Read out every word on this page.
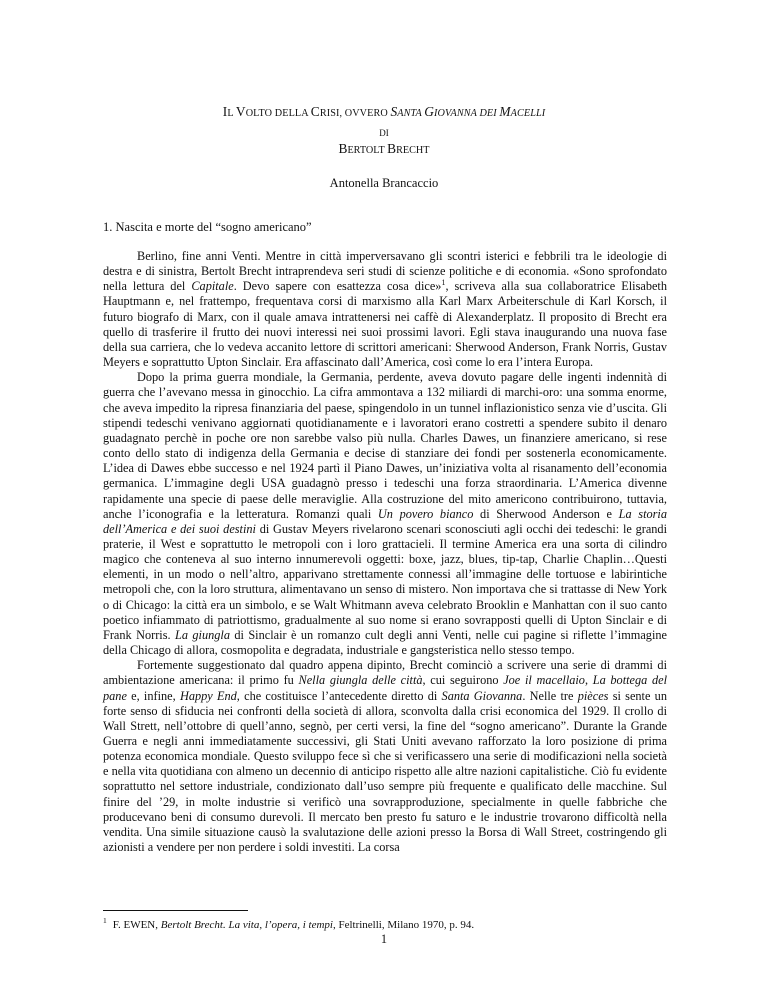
IL VOLTO DELLA CRISI, OVVERO SANTA GIOVANNA DEI MACELLI
DI
BERTOLT BRECHT
Antonella Brancaccio
1. Nascita e morte del “sogno americano”

Berlino, fine anni Venti. Mentre in città imperversavano gli scontri isterici e febbrili tra le ideologie di destra e di sinistra, Bertolt Brecht intraprendeva seri studi di scienze politiche e di economia. «Sono sprofondato nella lettura del Capitale. Devo sapere con esattezza cosa dice»$^1$, scriveva alla sua collaboratrice Elisabeth Hauptmann e, nel frattempo, frequentava corsi di marxismo alla Karl Marx Arbeiterschule di Karl Korsch, il futuro biografo di Marx, con il quale amava intrattenersi nei caffè di Alexanderplatz. Il proposito di Brecht era quello di trasferire il frutto dei nuovi interessi nei suoi prossimi lavori. Egli stava inaugurando una nuova fase della sua carriera, che lo vedeva accanito lettore di scrittori americani: Sherwood Anderson, Frank Norris, Gustav Meyers e soprattutto Upton Sinclair. Era affascinato dall’America, così come lo era l’intera Europa.

Dopo la prima guerra mondiale, la Germania, perdente, aveva dovuto pagare delle ingenti indennità di guerra che l’avevano messa in ginocchio. La cifra ammontava a 132 miliardi di marchi-oro: una somma enorme, che aveva impedito la ripresa finanziaria del paese, spingendolo in un tunnel inflazionistico senza vie d’uscita. Gli stipendi tedeschi venivano aggiornati quotidianamente e i lavoratori erano costretti a spendere subito il denaro guadagnato perchè in poche ore non sarebbe valso più nulla. Charles Dawes, un finanziere americano, si rese conto dello stato di indigenza della Germania e decise di stanziare dei fondi per sostenerla economicamente. L’idea di Dawes ebbe successo e nel 1924 partì il Piano Dawes, un’iniziativa volta al risanamento dell’economia germanica. L’immagine degli USA guadagnò presso i tedeschi una forza straordinaria. L’America divenne rapidamente una specie di paese delle meraviglie. Alla costruzione del mito americono contribuirono, tuttavia, anche l’iconografia e la letteratura. Romanzi quali Un povero bianco di Sherwood Anderson e La storia dell’America e dei suoi destini di Gustav Meyers rivelarono scenari sconosciuti agli occhi dei tedeschi: le grandi praterie, il West e soprattutto le metropoli con i loro grattacieli. Il termine America era una sorta di cilindro magico che conteneva al suo interno innumerevoli oggetti: boxe, jazz, blues, tip-tap, Charlie Chaplin…Questi elementi, in un modo o nell’altro, apparivano strettamente connessi all’immagine delle tortuose e labirintiche metropoli che, con la loro struttura, alimentavano un senso di mistero. Non importava che si trattasse di New York o di Chicago: la città era un simbolo, e se Walt Whitmann aveva celebrato Brooklin e Manhattan con il suo canto poetico infiammato di patriottismo, gradualmente al suo nome si erano sovrapposti quelli di Upton Sinclair e di Frank Norris. La giungla di Sinclair è un romanzo cult degli anni Venti, nelle cui pagine si riflette l’immagine della Chicago di allora, cosmopolita e degradata, industriale e gangsteristica nello stesso tempo.

Fortemente suggestionato dal quadro appena dipinto, Brecht cominciò a scrivere una serie di drammi di ambientazione americana: il primo fu Nella giungla delle città, cui seguirono Joe il macellaio, La bottega del pane e, infine, Happy End, che costituisce l’antecedente diretto di Santa Giovanna. Nelle tre pièces si sente un forte senso di sfiducia nei confronti della società di allora, sconvolta dalla crisi economica del 1929. Il crollo di Wall Strett, nell’ottobre di quell’anno, segnò, per certi versi, la fine del “sogno americano”. Durante la Grande Guerra e negli anni immediatamente successivi, gli Stati Uniti avevano rafforzato la loro posizione di prima potenza economica mondiale. Questo sviluppo fece sì che si verificassero una serie di modificazioni nella società e nella vita quotidiana con almeno un decennio di anticipo rispetto alle altre nazioni capitalistiche. Ciò fu evidente soprattutto nel settore industriale, condizionato dall’uso sempre più frequente e qualificato delle macchine. Sul finire del ’29, in molte industrie si verificò una sovrapproduzione, specialmente in quelle fabbriche che producevano beni di consumo durevoli. Il mercato ben presto fu saturo e le industrie trovarono difficoltà nella vendita. Una simile situazione causò la svalutazione delle azioni presso la Borsa di Wall Street, costringendo gli azionisti a vendere per non perdere i soldi investiti. La corsa

$^1$ F. EWEN, Bertolt Brecht. La vita, l’opera, i tempi, Feltrinelli, Milano 1970, p. 94.
1
